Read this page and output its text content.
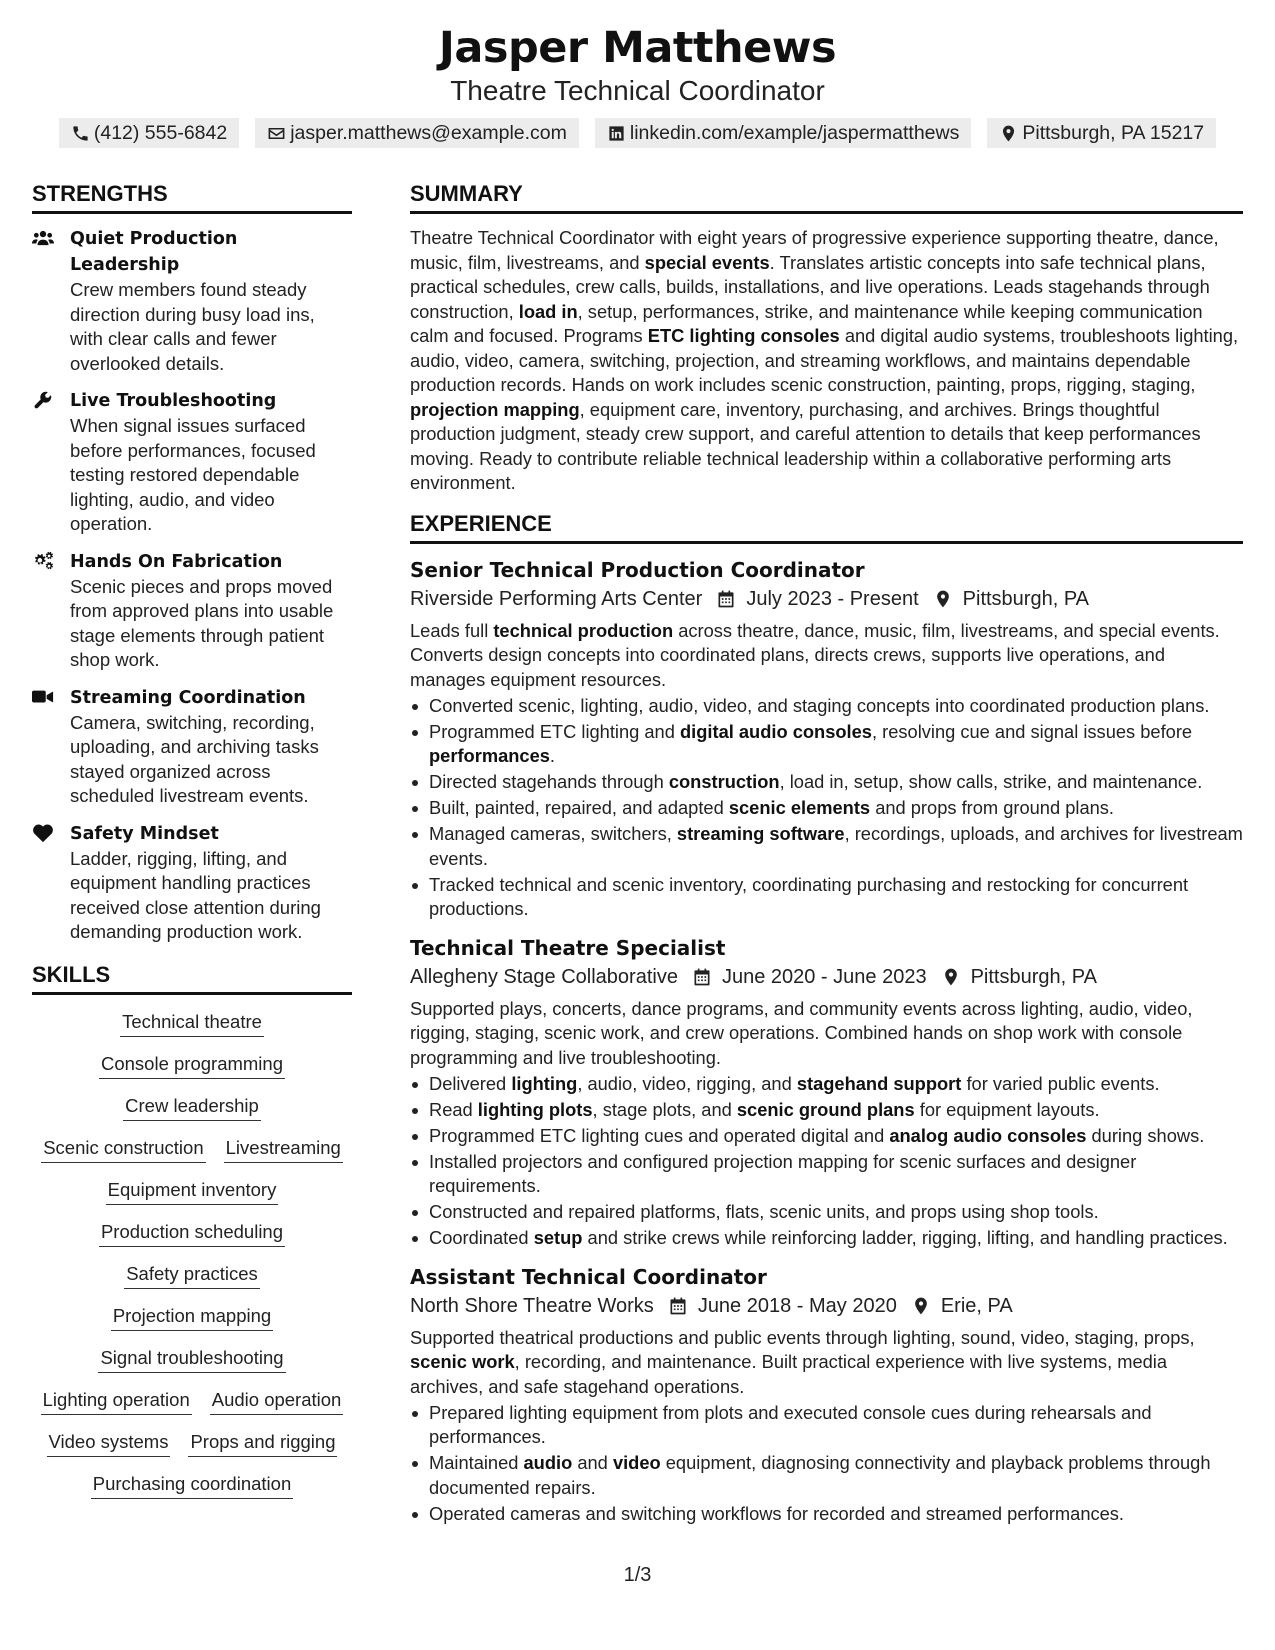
Jasper Matthews
Theatre Technical Coordinator
(412) 555-6842	jasper.matthews@example.com	linkedin.com/example/jaspermatthews	Pittsburgh, PA 15217
STRENGTHS
Quiet Production Leadership
Crew members found steady direction during busy load ins, with clear calls and fewer overlooked details.
Live Troubleshooting
When signal issues surfaced before performances, focused testing restored dependable lighting, audio, and video operation.
Hands On Fabrication
Scenic pieces and props moved from approved plans into usable stage elements through patient shop work.
Streaming Coordination
Camera, switching, recording, uploading, and archiving tasks stayed organized across scheduled livestream events.
Safety Mindset
Ladder, rigging, lifting, and equipment handling practices received close attention during demanding production work.
SKILLS
Technical theatre
Console programming
Crew leadership
Scenic construction Livestreaming
Equipment inventory
Production scheduling
Safety practices
Projection mapping
Signal troubleshooting
Lighting operation Audio operation
Video systems Props and rigging
Purchasing coordination
SUMMARY

Theatre Technical Coordinator with eight years of progressive experience supporting theatre, dance, music, film, livestreams, and special events. Translates artistic concepts into safe technical plans, practical schedules, crew calls, builds, installations, and live operations. Leads stagehands through construction, load in, setup, performances, strike, and maintenance while keeping communication calm and focused. Programs ETC lighting consoles and digital audio systems, troubleshoots lighting, audio, video, camera, switching, projection, and streaming workflows, and maintains dependable production records. Hands on work includes scenic construction, painting, props, rigging, staging, projection mapping, equipment care, inventory, purchasing, and archives. Brings thoughtful production judgment, steady crew support, and careful attention to details that keep performances moving. Ready to contribute reliable technical leadership within a collaborative performing arts environment.

EXPERIENCE
Senior Technical Production Coordinator
Riverside Performing Arts Center July 2023 - Present Pittsburgh, PA

Leads full technical production across theatre, dance, music, film, livestreams, and special events. Converts design concepts into coordinated plans, directs crews, supports live operations, and manages equipment resources.

Converted scenic, lighting, audio, video, and staging concepts into coordinated production plans.
Programmed ETC lighting and digital audio consoles, resolving cue and signal issues before performances.
Directed stagehands through construction, load in, setup, show calls, strike, and maintenance.
Built, painted, repaired, and adapted scenic elements and props from ground plans.
Managed cameras, switchers, streaming software, recordings, uploads, and archives for livestream events.
Tracked technical and scenic inventory, coordinating purchasing and restocking for concurrent productions.
Technical Theatre Specialist
Allegheny Stage Collaborative June 2020 - June 2023 Pittsburgh, PA

Supported plays, concerts, dance programs, and community events across lighting, audio, video, rigging, staging, scenic work, and crew operations. Combined hands on shop work with console programming and live troubleshooting.

Delivered lighting, audio, video, rigging, and stagehand support for varied public events.
Read lighting plots, stage plots, and scenic ground plans for equipment layouts.
Programmed ETC lighting cues and operated digital and analog audio consoles during shows.
Installed projectors and configured projection mapping for scenic surfaces and designer requirements.
Constructed and repaired platforms, flats, scenic units, and props using shop tools.
Coordinated setup and strike crews while reinforcing ladder, rigging, lifting, and handling practices.
Assistant Technical Coordinator
North Shore Theatre Works June 2018 - May 2020 Erie, PA

Supported theatrical productions and public events through lighting, sound, video, staging, props, scenic work, recording, and maintenance. Built practical experience with live systems, media archives, and safe stagehand operations.

Prepared lighting equipment from plots and executed console cues during rehearsals and performances.
Maintained audio and video equipment, diagnosing connectivity and playback problems through documented repairs.
Operated cameras and switching workflows for recorded and streamed performances.
1/3
